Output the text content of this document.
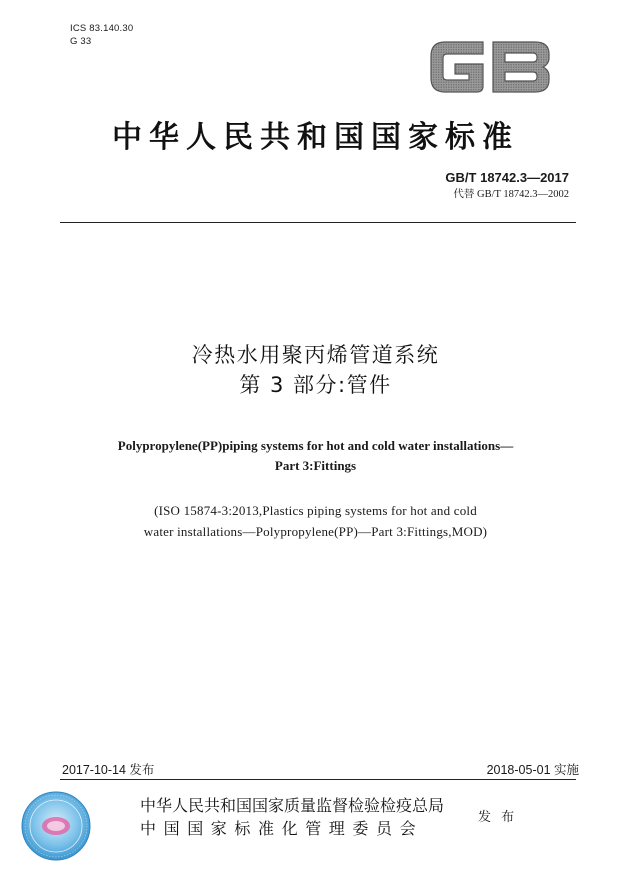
ICS 83.140.30
G 33
中华人民共和国国家标准
GB/T 18742.3—2017
代替 GB/T 18742.3—2002
冷热水用聚丙烯管道系统
第 3 部分:管件
Polypropylene(PP)piping systems for hot and cold water installations—
Part 3:Fittings
(ISO 15874-3:2013,Plastics piping systems for hot and cold
water installations—Polypropylene(PP)—Part 3:Fittings,MOD)
2017-10-14 发布	2018-05-01 实施
中华人民共和国国家质量监督检验检疫总局
中国国家标准化管理委员会
发 布
